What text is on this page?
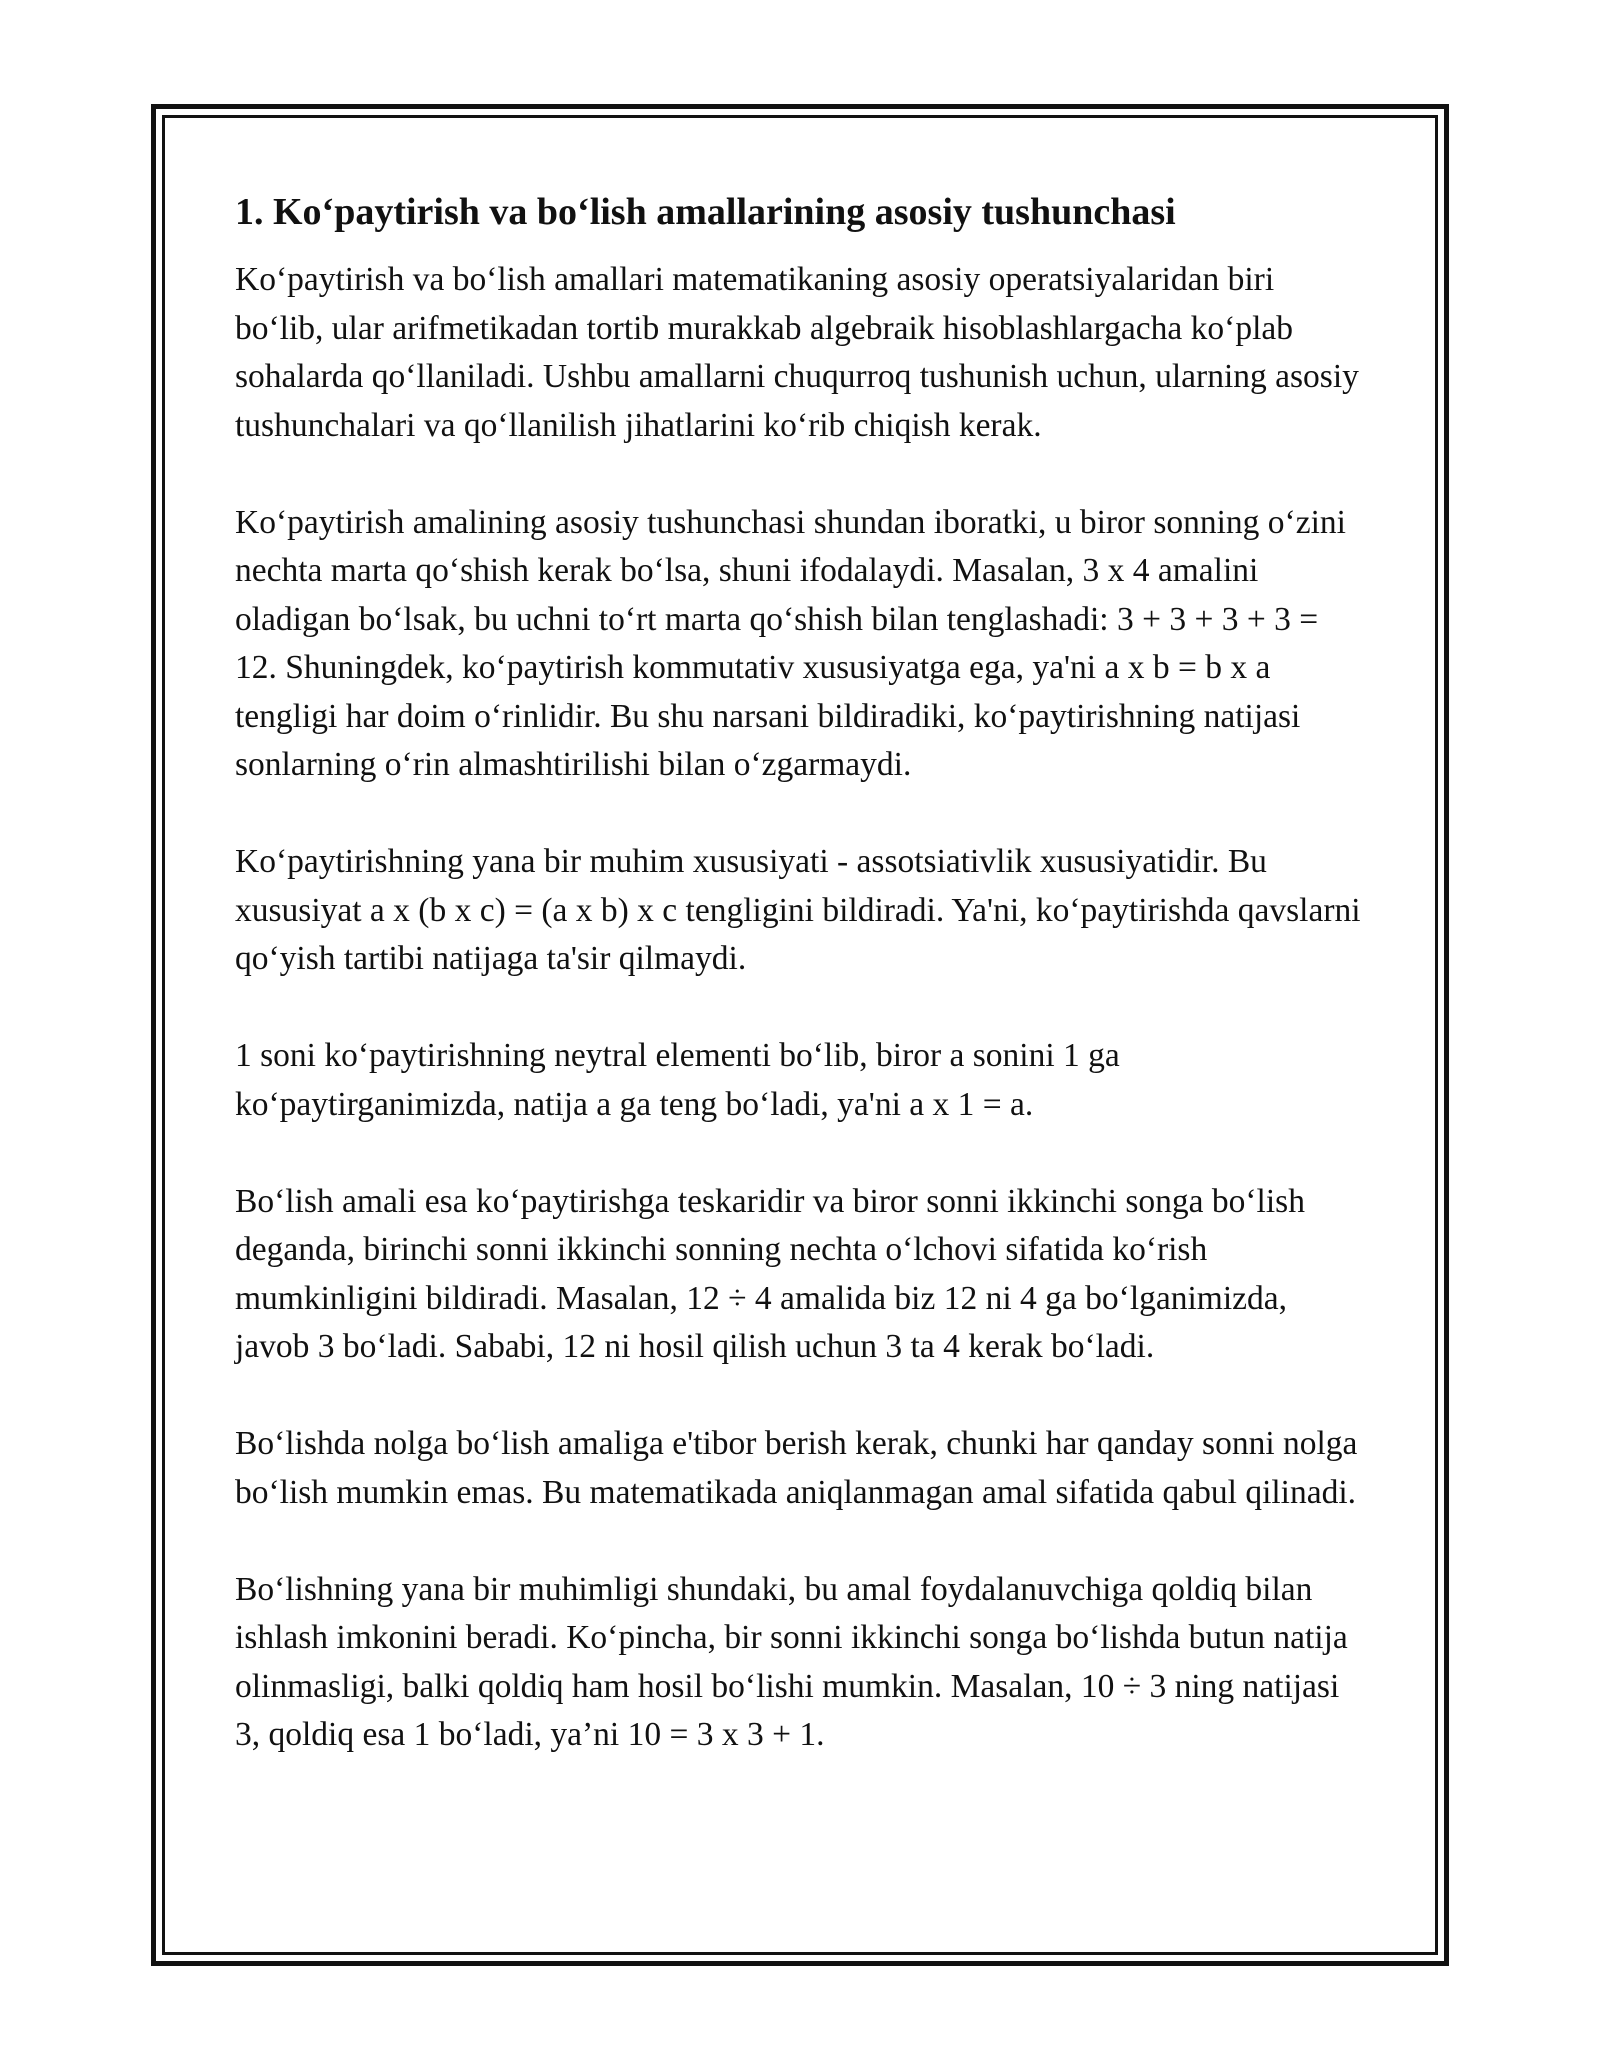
1. Koʻpaytirish va boʻlish amallarining asosiy tushunchasi

Koʻpaytirish va boʻlish amallari matematikaning asosiy operatsiyalaridan biri boʻlib, ular arifmetikadan tortib murakkab algebraik hisoblashlargacha koʻplab sohalarda qoʻllaniladi. Ushbu amallarni chuqurroq tushunish uchun, ularning asosiy tushunchalari va qoʻllanilish jihatlarini koʻrib chiqish kerak.

Koʻpaytirish amalining asosiy tushunchasi shundan iboratki, u biror sonning oʻzini nechta marta qoʻshish kerak boʻlsa, shuni ifodalaydi. Masalan, 3 x 4 amalini oladigan boʻlsak, bu uchni toʻrt marta qoʻshish bilan tenglashadi: 3 + 3 + 3 + 3 = 12. Shuningdek, koʻpaytirish kommutativ xususiyatga ega, ya'ni a x b = b x a tengligi har doim oʻrinlidir. Bu shu narsani bildiradiki, koʻpaytirishning natijasi sonlarning oʻrin almashtirilishi bilan oʻzgarmaydi.

Koʻpaytirishning yana bir muhim xususiyati - assotsiativlik xususiyatidir. Bu xususiyat a x (b x c) = (a x b) x c tengligini bildiradi. Ya'ni, koʻpaytirishda qavslarni qoʻyish tartibi natijaga ta'sir qilmaydi.

1 soni koʻpaytirishning neytral elementi boʻlib, biror a sonini 1 ga koʻpaytirganimizda, natija a ga teng boʻladi, ya'ni a x 1 = a.

Boʻlish amali esa koʻpaytirishga teskaridir va biror sonni ikkinchi songa boʻlish deganda, birinchi sonni ikkinchi sonning nechta oʻlchovi sifatida koʻrish mumkinligini bildiradi. Masalan, 12 ÷ 4 amalida biz 12 ni 4 ga boʻlganimizda, javob 3 boʻladi. Sababi, 12 ni hosil qilish uchun 3 ta 4 kerak boʻladi.

Boʻlishda nolga boʻlish amaliga e'tibor berish kerak, chunki har qanday sonni nolga boʻlish mumkin emas. Bu matematikada aniqlanmagan amal sifatida qabul qilinadi.

Boʻlishning yana bir muhimligi shundaki, bu amal foydalanuvchiga qoldiq bilan ishlash imkonini beradi. Koʻpincha, bir sonni ikkinchi songa boʻlishda butun natija olinmasligi, balki qoldiq ham hosil boʻlishi mumkin. Masalan, 10 ÷ 3 ning natijasi 3, qoldiq esa 1 boʻladi, ya’ni 10 = 3 x 3 + 1.
